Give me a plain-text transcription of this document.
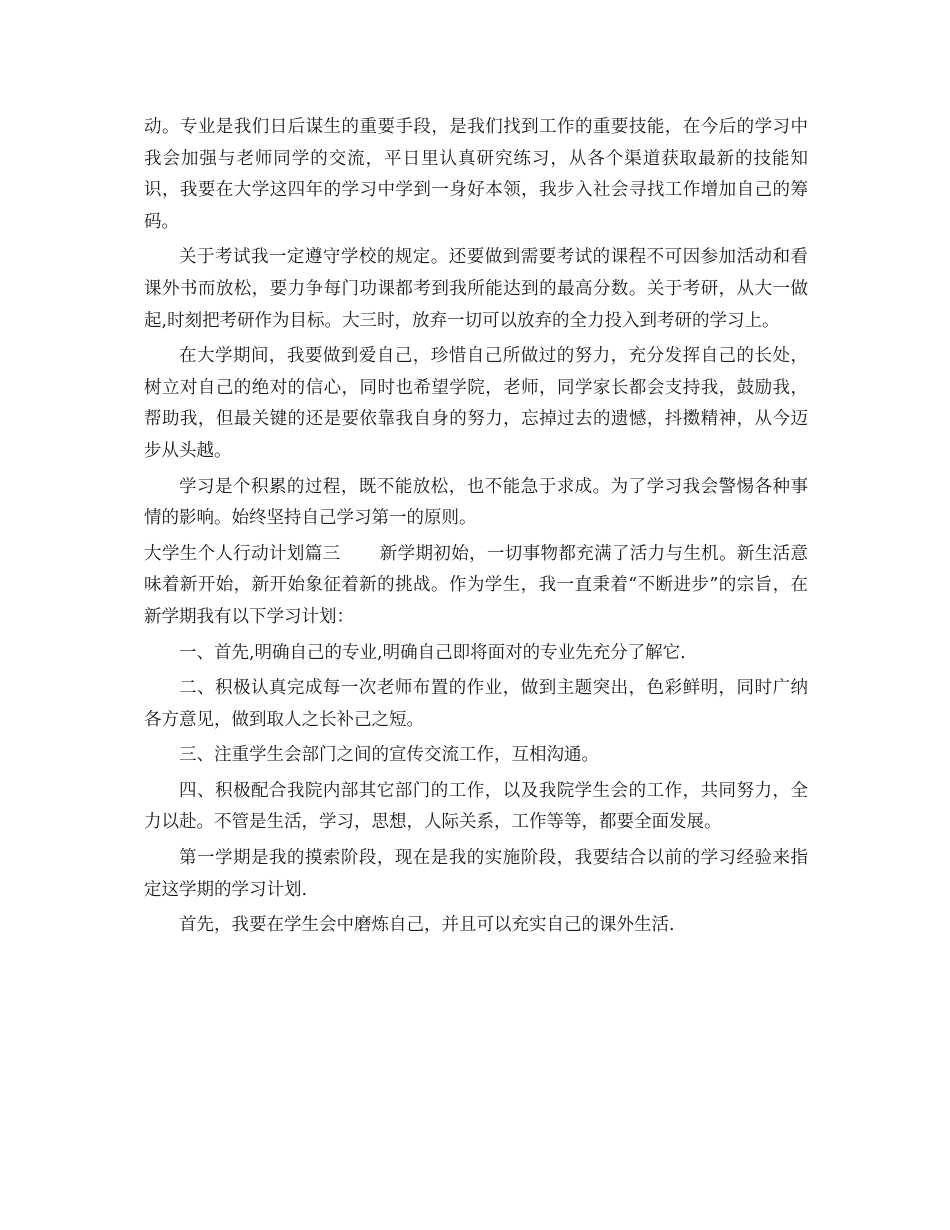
动。专业是我们日后谋生的重要手段，是我们找到工作的重要技能，在今后的学习中我会加强与老师同学的交流，平日里认真研究练习，从各个渠道获取最新的技能知识，我要在大学这四年的学习中学到一身好本领，我步入社会寻找工作增加自己的筹码。

关于考试我一定遵守学校的规定。还要做到需要考试的课程不可因参加活动和看课外书而放松，要力争每门功课都考到我所能达到的最高分数。关于考研，从大一做起,时刻把考研作为目标。大三时，放弃一切可以放弃的全力投入到考研的学习上。

在大学期间，我要做到爱自己，珍惜自己所做过的努力，充分发挥自己的长处，树立对自己的绝对的信心，同时也希望学院，老师，同学家长都会支持我，鼓励我，帮助我，但最关键的还是要依靠我自身的努力，忘掉过去的遗憾，抖擞精神，从今迈步从头越。

学习是个积累的过程，既不能放松，也不能急于求成。为了学习我会警惕各种事情的影响。始终坚持自己学习第一的原则。

大学生个人行动计划篇三 新学期初始，一切事物都充满了活力与生机。新生活意味着新开始，新开始象征着新的挑战。作为学生，我一直秉着“不断进步”的宗旨，在新学期我有以下学习计划：

一、首先,明确自己的专业,明确自己即将面对的专业先充分了解它.

二、积极认真完成每一次老师布置的作业，做到主题突出，色彩鲜明，同时广纳各方意见，做到取人之长补己之短。

三、注重学生会部门之间的宣传交流工作，互相沟通。

四、积极配合我院内部其它部门的工作，以及我院学生会的工作，共同努力，全力以赴。不管是生活，学习，思想，人际关系，工作等等，都要全面发展。

第一学期是我的摸索阶段，现在是我的实施阶段，我要结合以前的学习经验来指定这学期的学习计划.

首先，我要在学生会中磨炼自己，并且可以充实自己的课外生活.
